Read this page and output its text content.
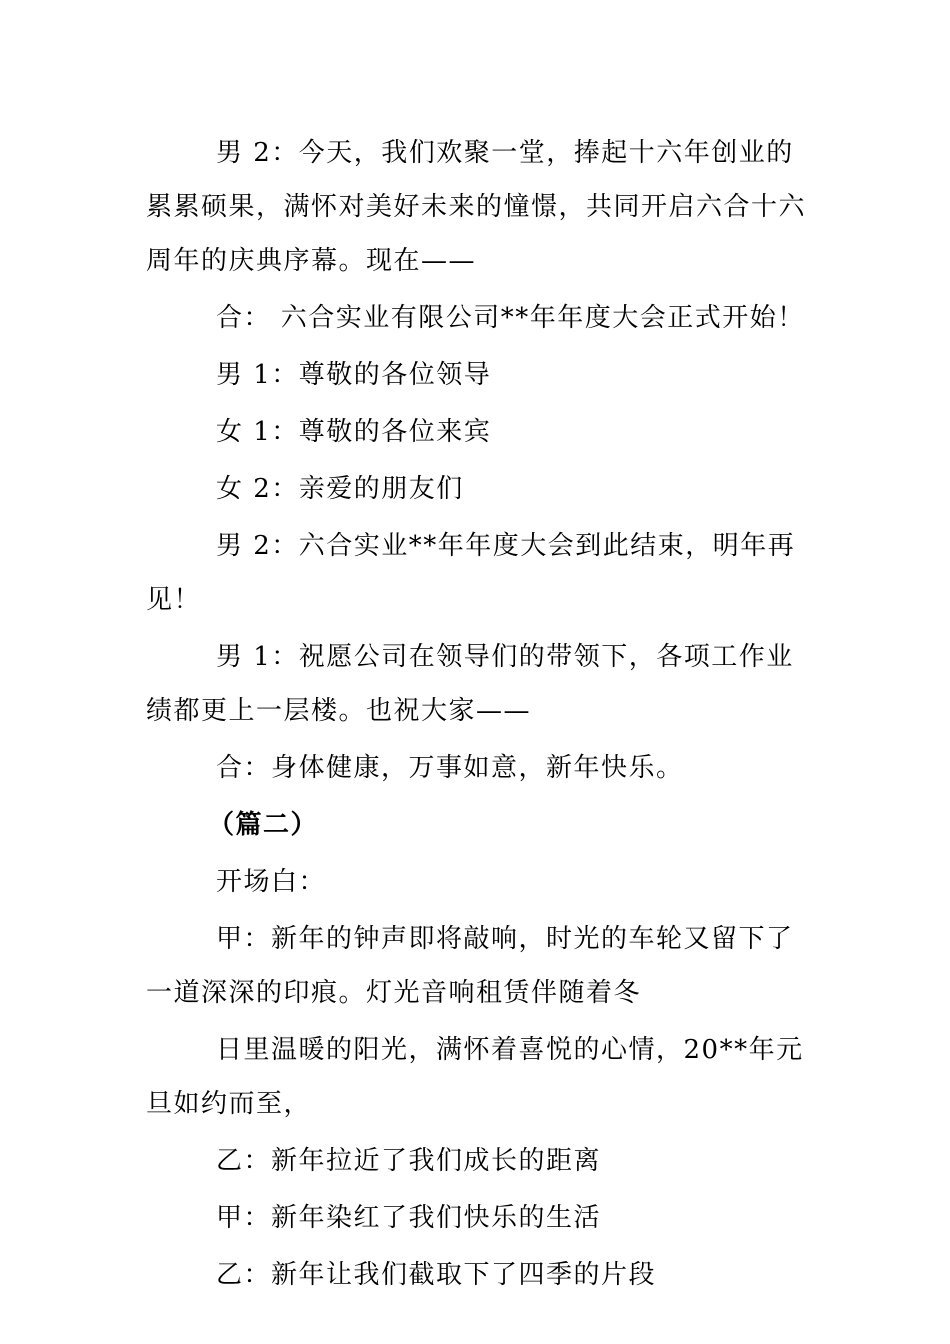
男 2：今天，我们欢聚一堂，捧起十六年创业的累累硕果，满怀对美好未来的憧憬，共同开启六合十六周年的庆典序幕。现在——

合： 六合实业有限公司**年年度大会正式开始！

男 1：尊敬的各位领导

女 1：尊敬的各位来宾

女 2：亲爱的朋友们

男 2：六合实业**年年度大会到此结束，明年再见！

男 1：祝愿公司在领导们的带领下，各项工作业绩都更上一层楼。也祝大家——

合：身体健康，万事如意，新年快乐。

（篇二）

开场白：

甲：新年的钟声即将敲响，时光的车轮又留下了一道深深的印痕。灯光音响租赁伴随着冬

日里温暖的阳光，满怀着喜悦的心情，20**年元旦如约而至，

乙：新年拉近了我们成长的距离

甲：新年染红了我们快乐的生活

乙：新年让我们截取下了四季的片段
